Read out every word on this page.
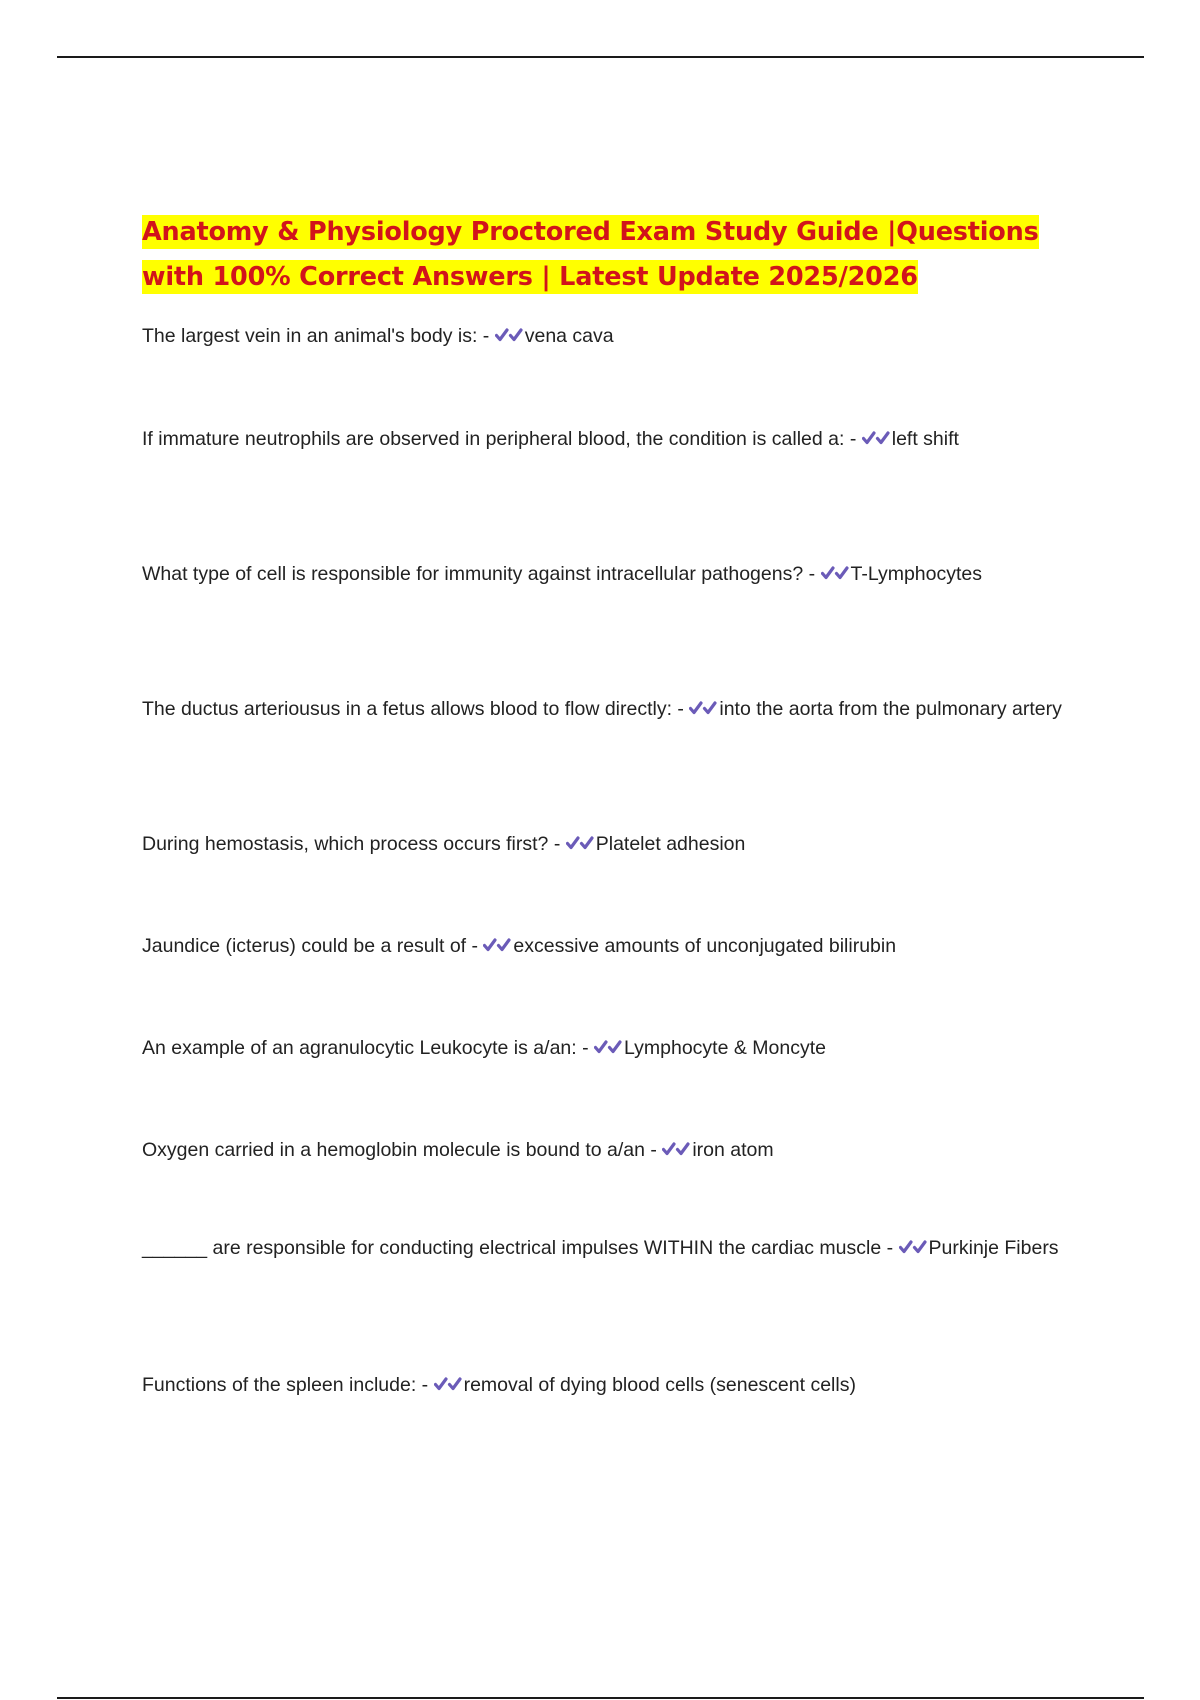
Anatomy & Physiology Proctored Exam Study Guide |Questions with 100% Correct Answers | Latest Update 2025/2026

The largest vein in an animal's body is: - vena cava

If immature neutrophils are observed in peripheral blood, the condition is called a: - left shift

What type of cell is responsible for immunity against intracellular pathogens? - T-Lymphocytes

The ductus arteriousus in a fetus allows blood to flow directly: - into the aorta from the pulmonary artery

During hemostasis, which process occurs first? - Platelet adhesion

Jaundice (icterus) could be a result of - excessive amounts of unconjugated bilirubin

An example of an agranulocytic Leukocyte is a/an: - Lymphocyte & Moncyte

Oxygen carried in a hemoglobin molecule is bound to a/an - iron atom

______ are responsible for conducting electrical impulses WITHIN the cardiac muscle - Purkinje Fibers

Functions of the spleen include: - removal of dying blood cells (senescent cells)
